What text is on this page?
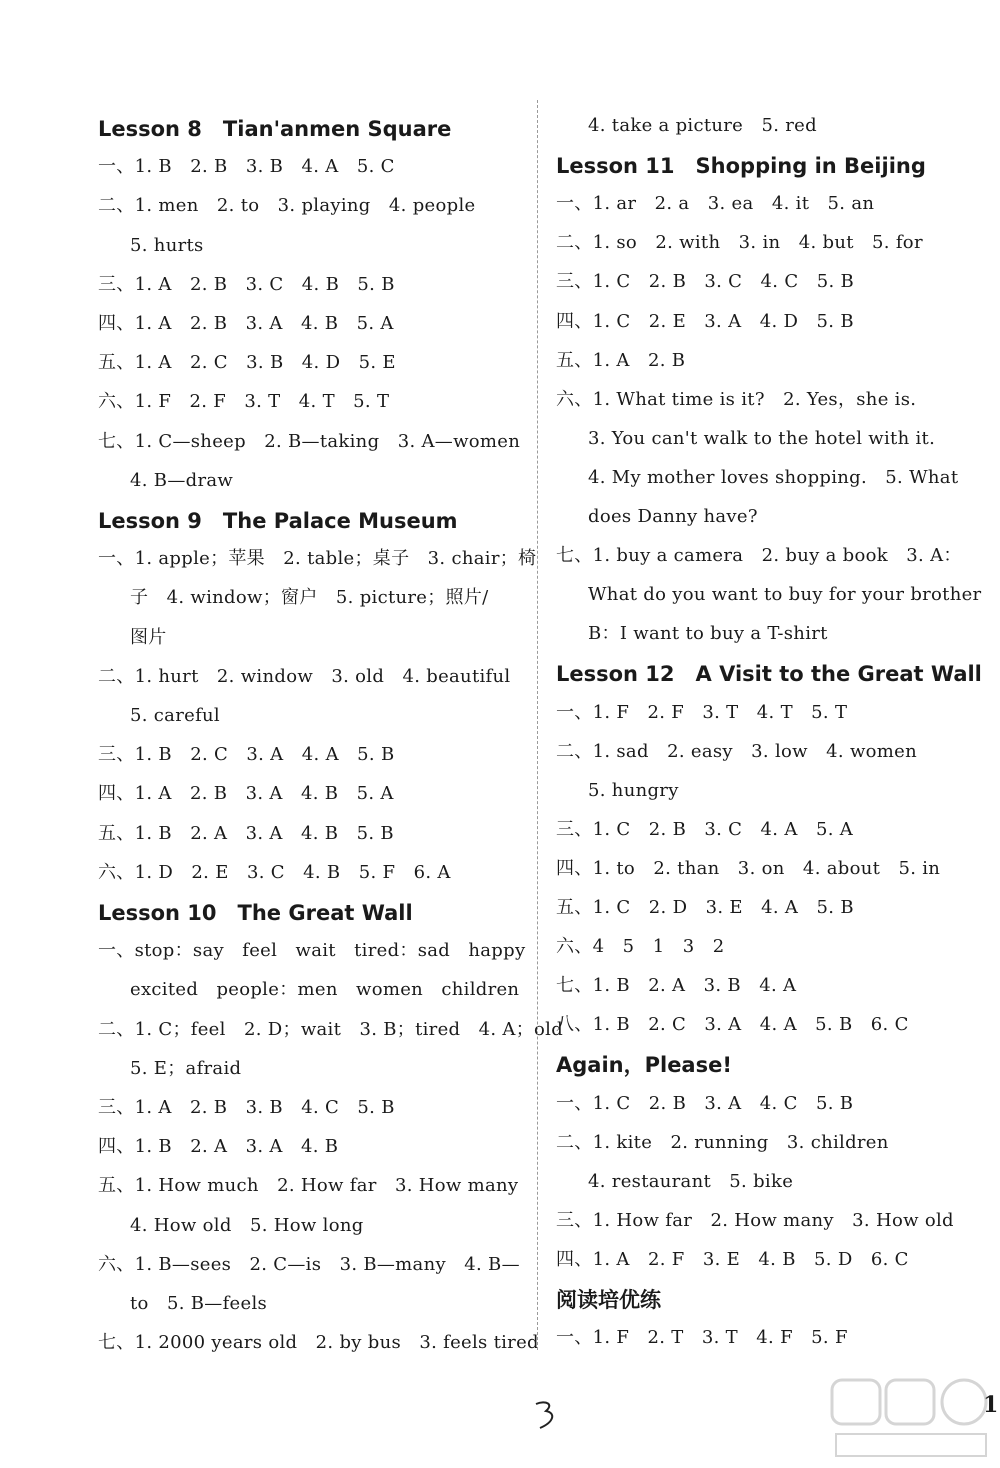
Lesson 8　Tian'anmen Square
一、1. B　2. B　3. B　4. A　5. C
二、1. men　2. to　3. playing　4. people
5. hurts
三、1. A　2. B　3. C　4. B　5. B
四、1. A　2. B　3. A　4. B　5. A
五、1. A　2. C　3. B　4. D　5. E
六、1. F　2. F　3. T　4. T　5. T
七、1. C—sheep　2. B—taking　3. A—women
4. B—draw
Lesson 9　The Palace Museum
一、1. apple；苹果　2. table；桌子　3. chair；椅
子　4. window；窗户　5. picture；照片/
图片
二、1. hurt　2. window　3. old　4. beautiful
5. careful
三、1. B　2. C　3. A　4. A　5. B
四、1. A　2. B　3. A　4. B　5. A
五、1. B　2. A　3. A　4. B　5. B
六、1. D　2. E　3. C　4. B　5. F　6. A
Lesson 10　The Great Wall
一、stop：say　feel　wait　tired：sad　happy
excited　people：men　women　children
二、1. C；feel　2. D；wait　3. B；tired　4. A；old
5. E；afraid
三、1. A　2. B　3. B　4. C　5. B
四、1. B　2. A　3. A　4. B
五、1. How much　2. How far　3. How many
4. How old　5. How long
六、1. B—sees　2. C—is　3. B—many　4. B—
to　5. B—feels
七、1. 2000 years old　2. by bus　3. feels tired
4. take a picture　5. red
Lesson 11　Shopping in Beijing
一、1. ar　2. a　3. ea　4. it　5. an
二、1. so　2. with　3. in　4. but　5. for
三、1. C　2. B　3. C　4. C　5. B
四、1. C　2. E　3. A　4. D　5. B
五、1. A　2. B
六、1. What time is it?　2. Yes，she is.
3. You can't walk to the hotel with it.
4. My mother loves shopping.　5. What
does Danny have?
七、1. buy a camera　2. buy a book　3. A：
What do you want to buy for your brother
B：I want to buy a T-shirt
Lesson 12　A Visit to the Great Wall
一、1. F　2. F　3. T　4. T　5. T
二、1. sad　2. easy　3. low　4. women
5. hungry
三、1. C　2. B　3. C　4. A　5. A
四、1. to　2. than　3. on　4. about　5. in
五、1. C　2. D　3. E　4. A　5. B
六、4　5　1　3　2
七、1. B　2. A　3. B　4. A
八、1. B　2. C　3. A　4. A　5. B　6. C
Again，Please!
一、1. C　2. B　3. A　4. C　5. B
二、1. kite　2. running　3. children
4. restaurant　5. bike
三、1. How far　2. How many　3. How old
四、1. A　2. F　3. E　4. B　5. D　6. C
阅读培优练
一、1. F　2. T　3. T　4. F　5. F
1
